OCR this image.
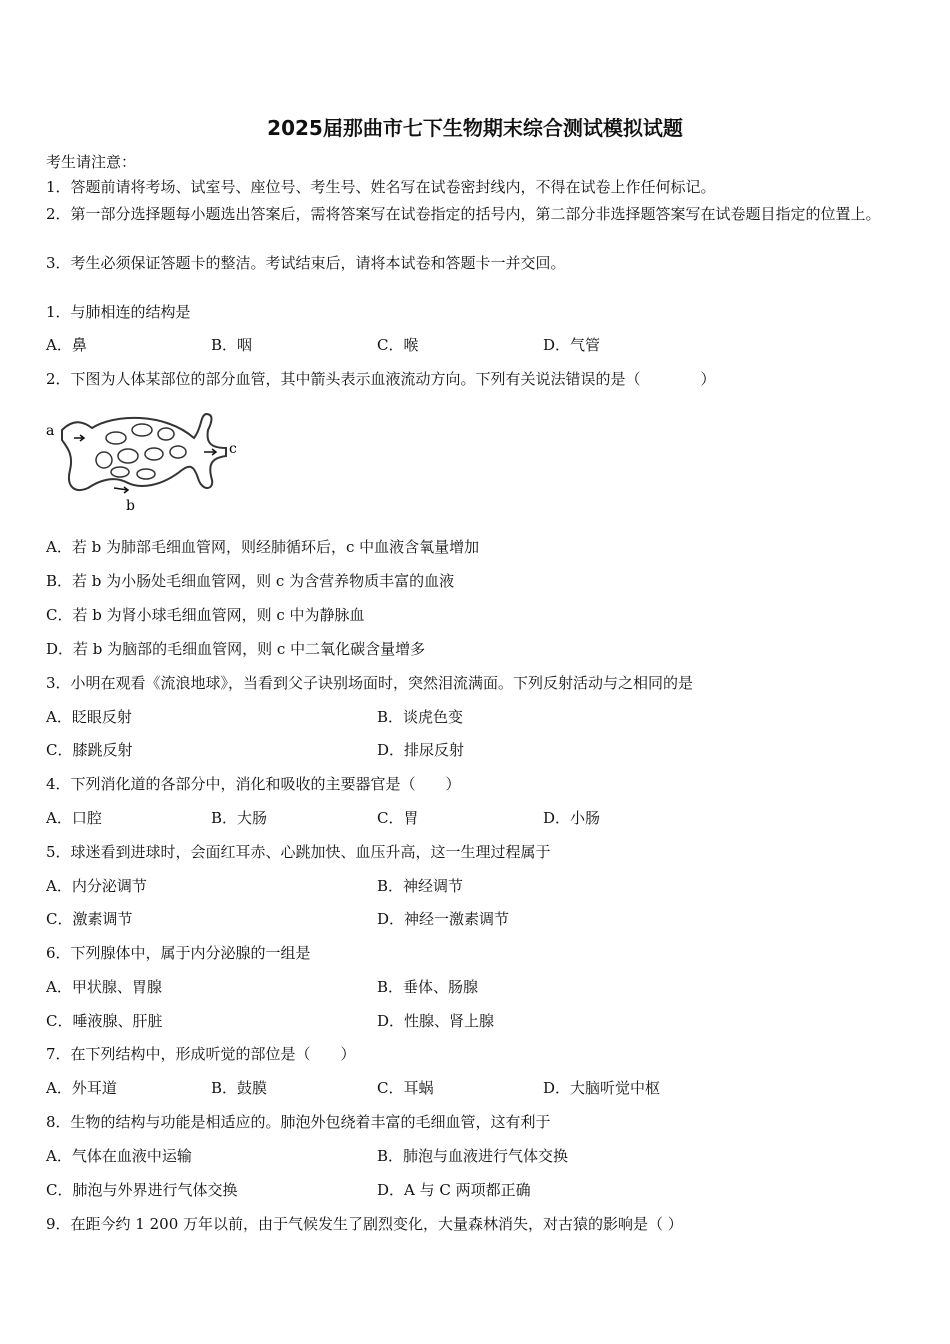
2025届那曲市七下生物期末综合测试模拟试题
考生请注意：
1．答题前请将考场、试室号、座位号、考生号、姓名写在试卷密封线内，不得在试卷上作任何标记。
2．第一部分选择题每小题选出答案后，需将答案写在试卷指定的括号内，第二部分非选择题答案写在试卷题目指定的位置上。
3．考生必须保证答题卡的整洁。考试结束后，请将本试卷和答题卡一并交回。
1．与肺相连的结构是
A．鼻	B．咽	C．喉	D．气管
2．下图为人体某部位的部分血管，其中箭头表示血液流动方向。下列有关说法错误的是（　　　　）
a
b
c
A．若 b 为肺部毛细血管网，则经肺循环后，c 中血液含氧量增加
B．若 b 为小肠处毛细血管网，则 c 为含营养物质丰富的血液
C．若 b 为肾小球毛细血管网，则 c 中为静脉血
D．若 b 为脑部的毛细血管网，则 c 中二氧化碳含量增多
3．小明在观看《流浪地球》，当看到父子诀别场面时，突然泪流满面。下列反射活动与之相同的是
A．眨眼反射	B．谈虎色变
C．膝跳反射	D．排尿反射
4．下列消化道的各部分中，消化和吸收的主要器官是（　　）
A．口腔	B．大肠	C．胃	D．小肠
5．球迷看到进球时，会面红耳赤、心跳加快、血压升高，这一生理过程属于
A．内分泌调节	B．神经调节
C．激素调节	D．神经一激素调节
6．下列腺体中，属于内分泌腺的一组是
A．甲状腺、胃腺	B．垂体、肠腺
C．唾液腺、肝脏	D．性腺、肾上腺
7．在下列结构中，形成听觉的部位是（　　）
A．外耳道	B．鼓膜	C．耳蜗	D．大脑听觉中枢
8．生物的结构与功能是相适应的。肺泡外包绕着丰富的毛细血管，这有利于
A．气体在血液中运输	B．肺泡与血液进行气体交换
C．肺泡与外界进行气体交换	D．A 与 C 两项都正确
9．在距今约 1 200 万年以前，由于气候发生了剧烈变化，大量森林消失，对古猿的影响是（ ）
